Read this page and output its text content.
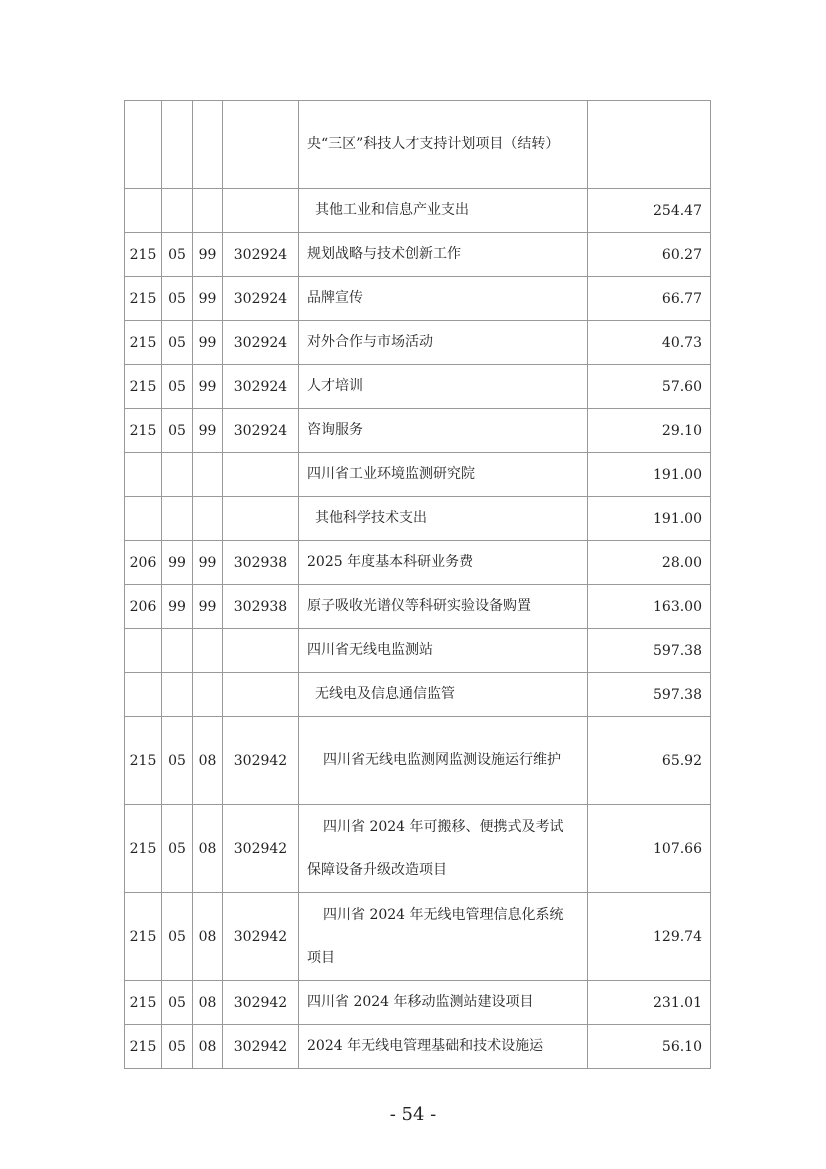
				央“三区”科技人才支持计划项目（结转）	
				其他工业和信息产业支出	254.47
215	05	99	302924	规划战略与技术创新工作	60.27
215	05	99	302924	品牌宣传	66.77
215	05	99	302924	对外合作与市场活动	40.73
215	05	99	302924	人才培训	57.60
215	05	99	302924	咨询服务	29.10
				四川省工业环境监测研究院	191.00
				其他科学技术支出	191.00
206	99	99	302938	2025 年度基本科研业务费	28.00
206	99	99	302938	原子吸收光谱仪等科研实验设备购置	163.00
				四川省无线电监测站	597.38
				无线电及信息通信监管	597.38
215	05	08	302942	四川省无线电监测网监测设施运行维护	65.92
215	05	08	302942	四川省 2024 年可搬移、便携式及考试保障设备升级改造项目	107.66
215	05	08	302942	四川省 2024 年无线电管理信息化系统项目	129.74
215	05	08	302942	四川省 2024 年移动监测站建设项目	231.01
215	05	08	302942	2024 年无线电管理基础和技术设施运	56.10
- 54 -
